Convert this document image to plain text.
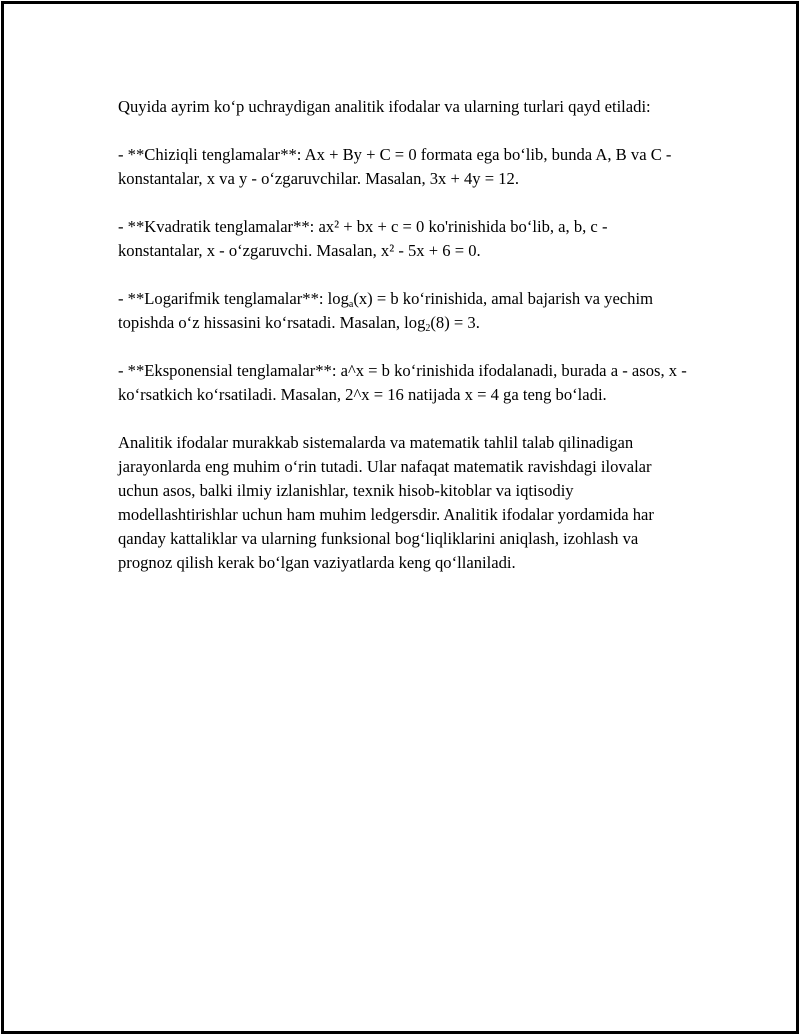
Quyida ayrim ko‘p uchraydigan analitik ifodalar va ularning turlari qayd etiladi:

- **Chiziqli tenglamalar**: Ax + By + C = 0 formata ega bo‘lib, bunda A, B va C - konstantalar, x va y - o‘zgaruvchilar. Masalan, 3x + 4y = 12.

- **Kvadratik tenglamalar**: ax² + bx + c = 0 ko'rinishida bo‘lib, a, b, c - konstantalar, x - o‘zgaruvchi. Masalan, x² - 5x + 6 = 0.

- **Logarifmik tenglamalar**: $\log_a(x) = b$ ko‘rinishida, amal bajarish va yechim topishda o‘z hissasini ko‘rsatadi. Masalan, $\log_2(8) = 3$.

- **Eksponensial tenglamalar**: a^x = b ko‘rinishida ifodalanadi, burada a - asos, x - ko‘rsatkich ko‘rsatiladi. Masalan, 2^x = 16 natijada x = 4 ga teng bo‘ladi.

Analitik ifodalar murakkab sistemalarda va matematik tahlil talab qilinadigan jarayonlarda eng muhim o‘rin tutadi. Ular nafaqat matematik ravishdagi ilovalar uchun asos, balki ilmiy izlanishlar, texnik hisob-kitoblar va iqtisodiy modellashtirishlar uchun ham muhim ledgersdir. Analitik ifodalar yordamida har qanday kattaliklar va ularning funksional bog‘liqliklarini aniqlash, izohlash va prognoz qilish kerak bo‘lgan vaziyatlarda keng qo‘llaniladi.
